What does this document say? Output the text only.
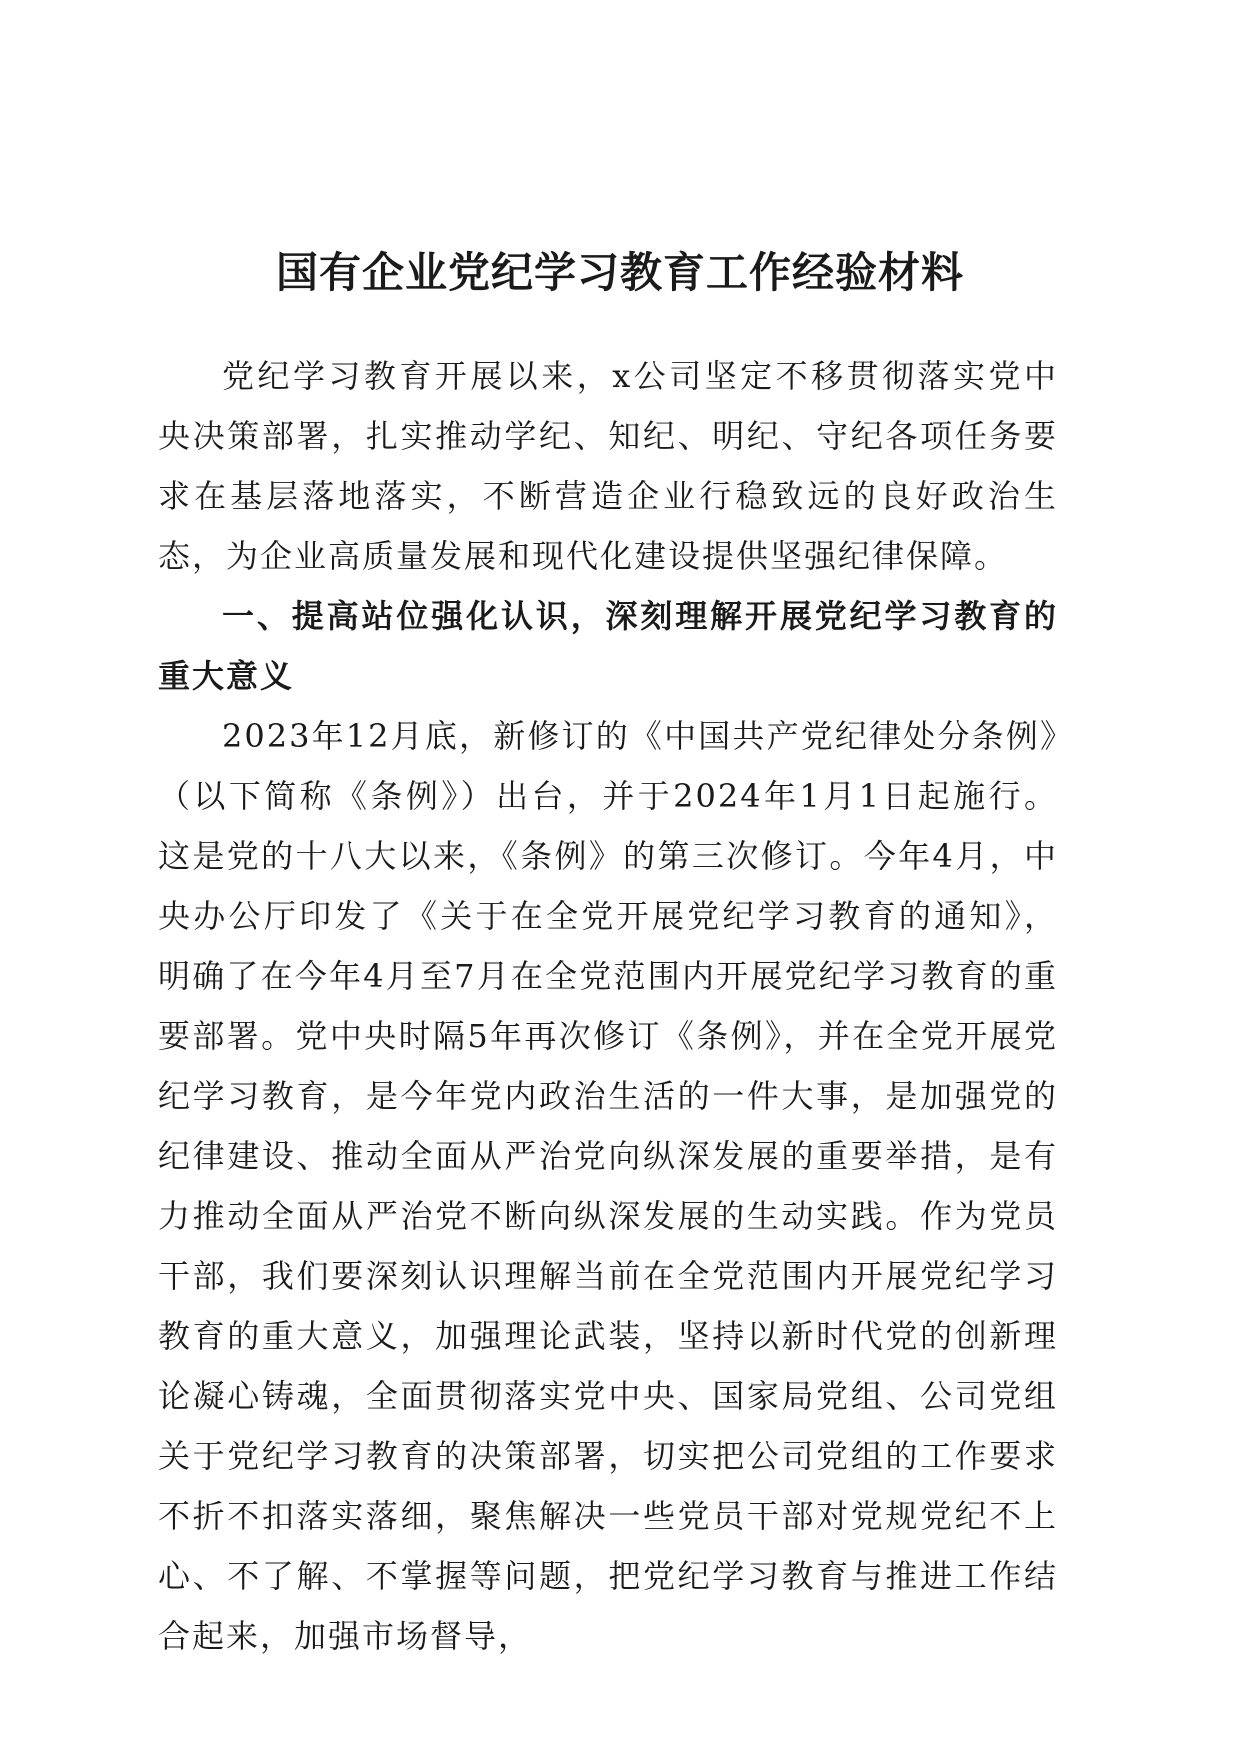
国有企业党纪学习教育工作经验材料

党纪学习教育开展以来，x公司坚定不移贯彻落实党中央决策部署，扎实推动学纪、知纪、明纪、守纪各项任务要求在基层落地落实，不断营造企业行稳致远的良好政治生态，为企业高质量发展和现代化建设提供坚强纪律保障。

一、提高站位强化认识，深刻理解开展党纪学习教育的重大意义

2023年12月底，新修订的《中国共产党纪律处分条例》（以下简称《条例》）出台，并于2024年1月1日起施行。这是党的十八大以来，《条例》的第三次修订。今年4月，中央办公厅印发了《关于在全党开展党纪学习教育的通知》，明确了在今年4月至7月在全党范围内开展党纪学习教育的重要部署。党中央时隔5年再次修订《条例》，并在全党开展党纪学习教育，是今年党内政治生活的一件大事，是加强党的纪律建设、推动全面从严治党向纵深发展的重要举措，是有力推动全面从严治党不断向纵深发展的生动实践。作为党员干部，我们要深刻认识理解当前在全党范围内开展党纪学习教育的重大意义，加强理论武装，坚持以新时代党的创新理论凝心铸魂，全面贯彻落实党中央、国家局党组、公司党组关于党纪学习教育的决策部署，切实把公司党组的工作要求不折不扣落实落细，聚焦解决一些党员干部对党规党纪不上心、不了解、不掌握等问题，把党纪学习教育与推进工作结合起来，加强市场督导，
